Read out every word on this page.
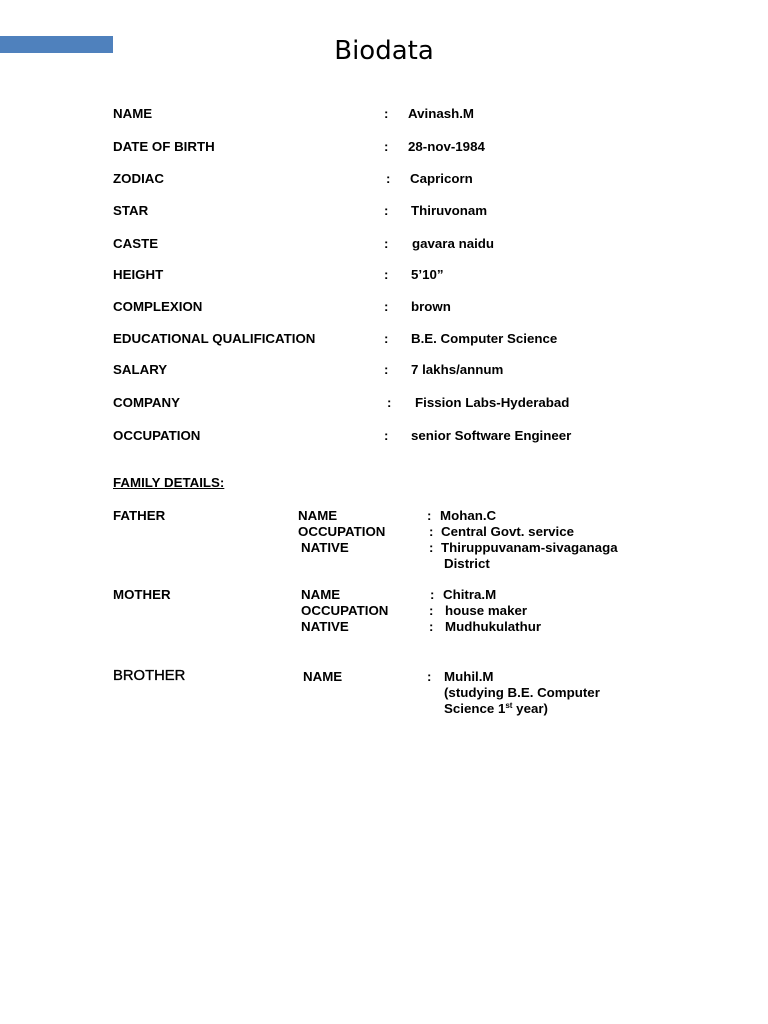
Biodata
NAME	: Avinash.M
DATE OF BIRTH	: 28-nov-1984
ZODIAC	: Capricorn
STAR	: Thiruvonam
CASTE	: gavara naidu
HEIGHT	: 5’10”
COMPLEXION	: brown
EDUCATIONAL QUALIFICATION	: B.E. Computer Science
SALARY	: 7 lakhs/annum
COMPANY	: Fission Labs-Hyderabad
OCCUPATION	: senior Software Engineer
FAMILY DETAILS:
FATHER	NAME	: Mohan.C
OCCUPATION	: Central Govt. service
NATIVE	: Thiruppuvanam-sivaganaga
District
MOTHER	NAME	: Chitra.M
OCCUPATION	: house maker
NATIVE	: Mudhukulathur
BROTHER	NAME	: Muhil.M
(studying B.E. Computer
Science 1st year)
